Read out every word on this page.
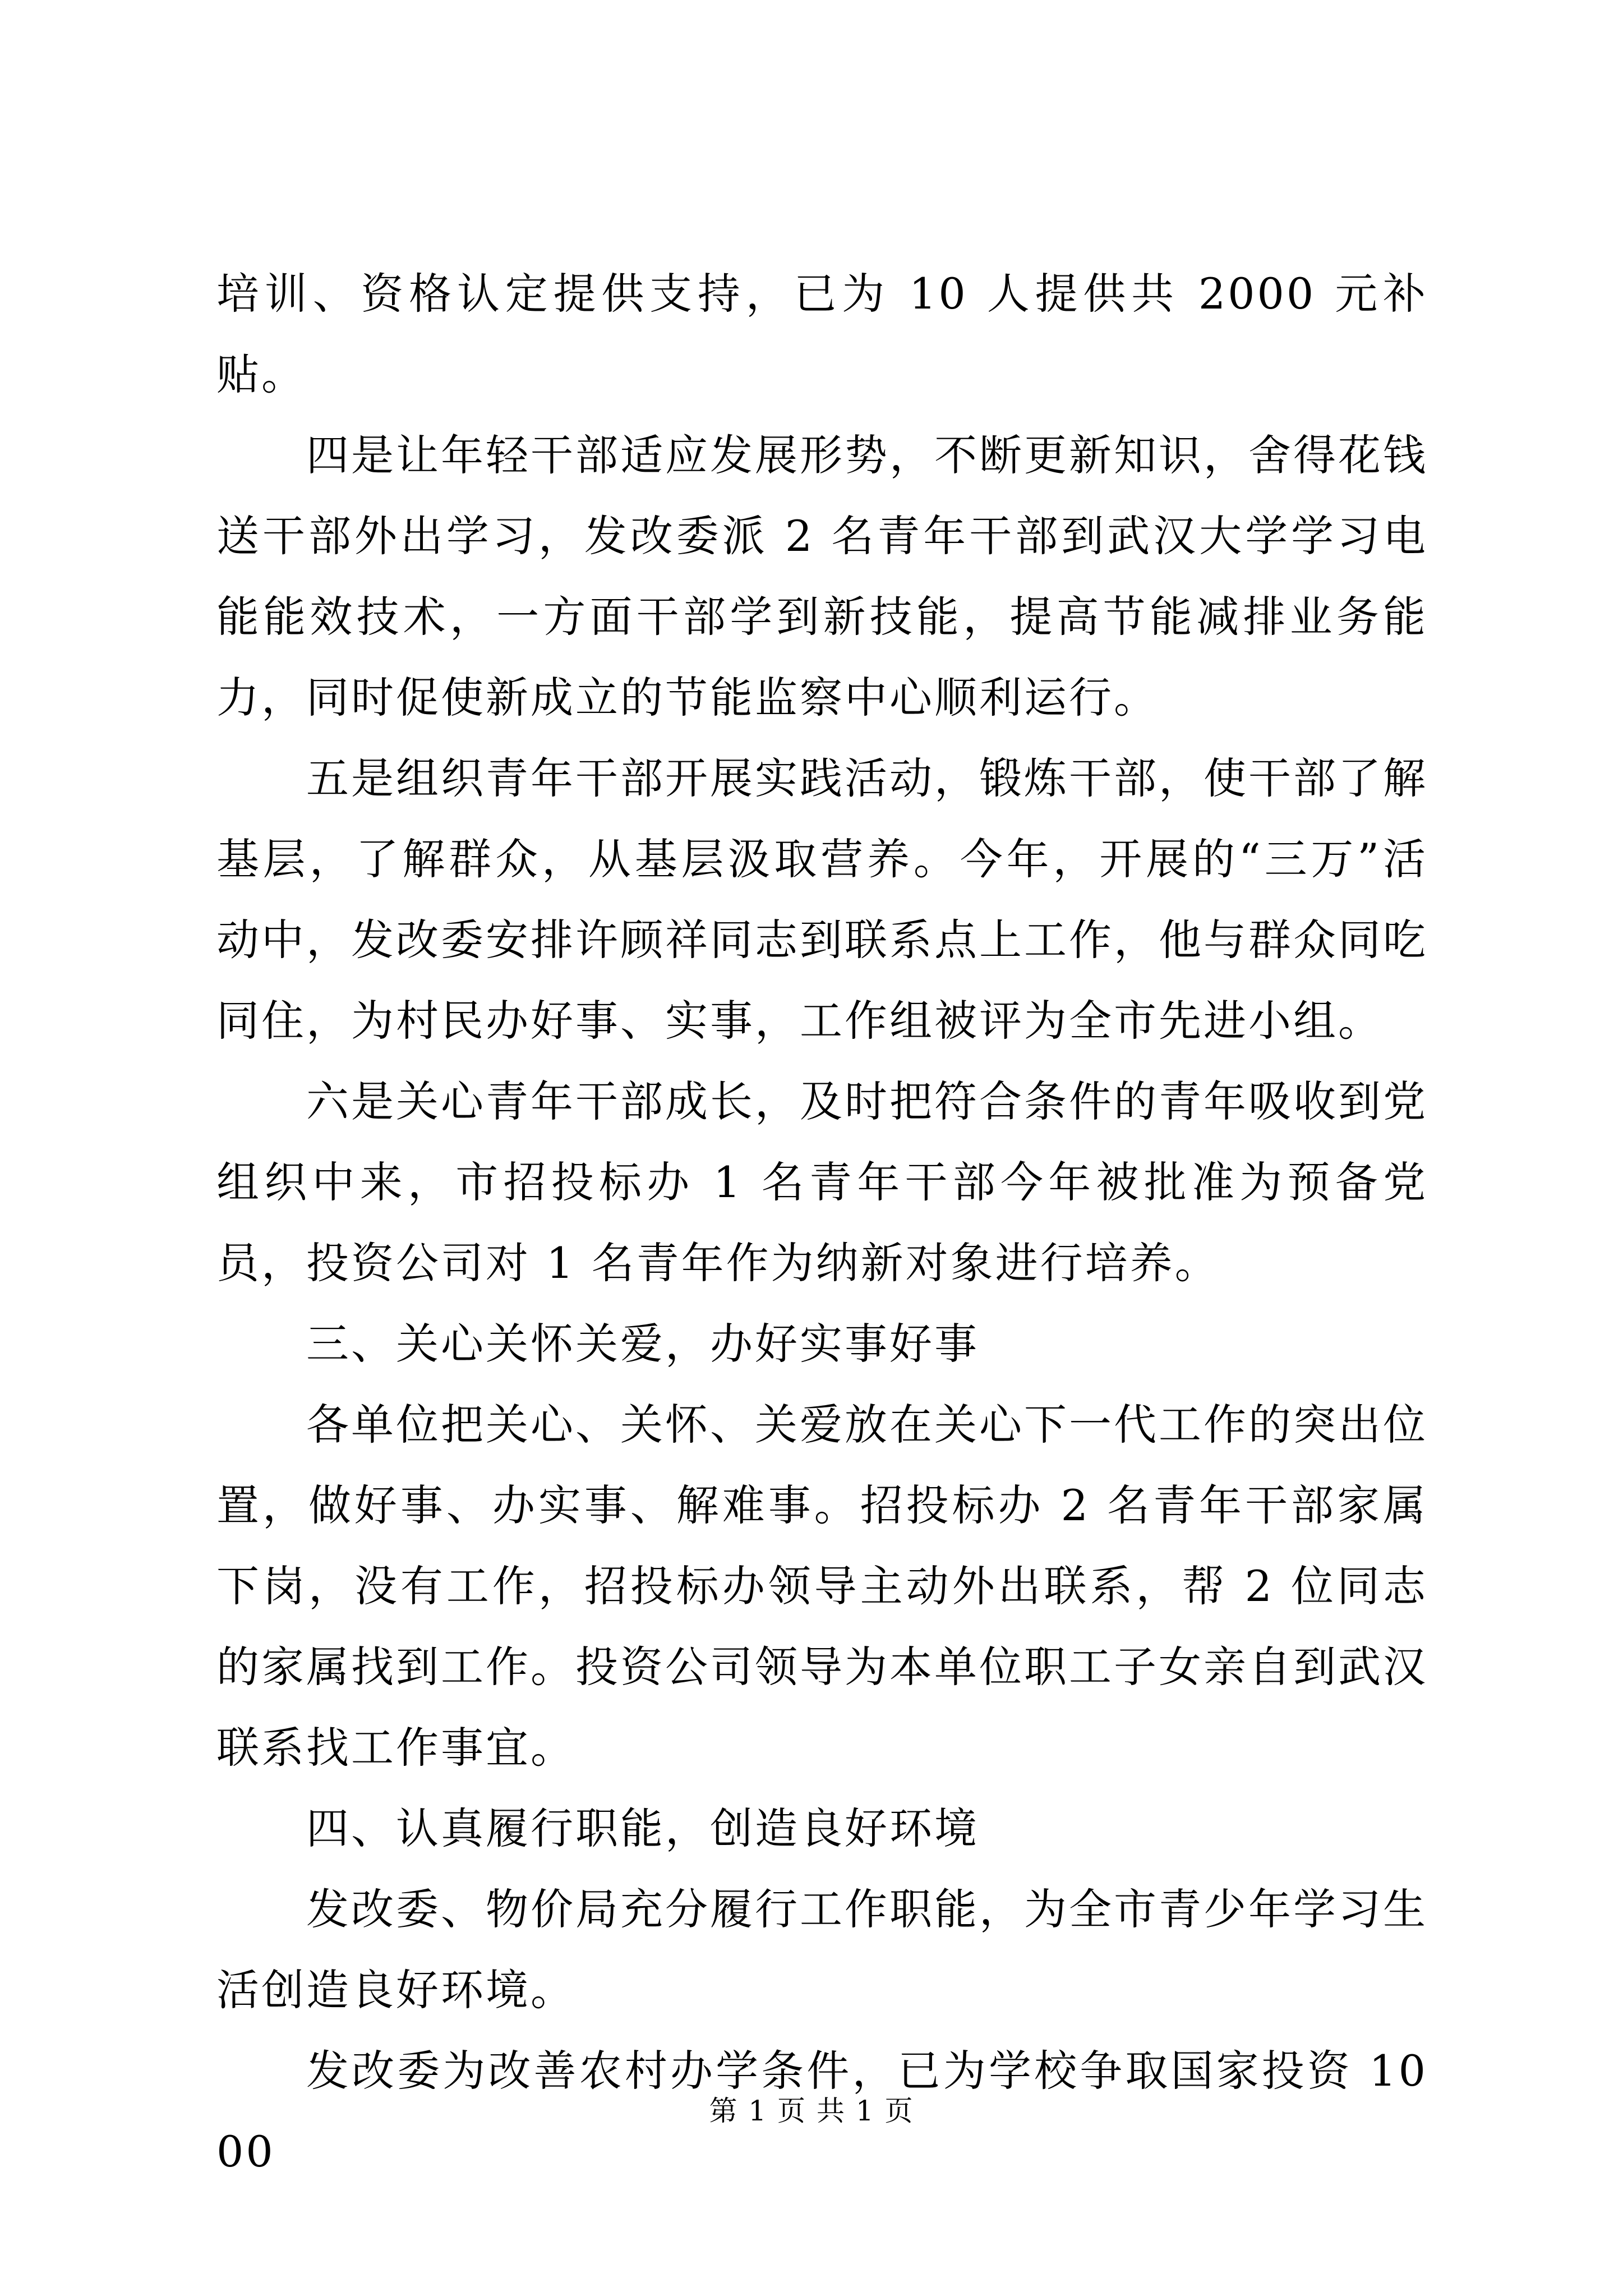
培训、资格认定提供支持，已为 10 人提供共 2000 元补贴。

四是让年轻干部适应发展形势，不断更新知识，舍得花钱送干部外出学习，发改委派 2 名青年干部到武汉大学学习电能能效技术，一方面干部学到新技能，提高节能减排业务能力，同时促使新成立的节能监察中心顺利运行。

五是组织青年干部开展实践活动，锻炼干部，使干部了解基层，了解群众，从基层汲取营养。今年，开展的“三万”活动中，发改委安排许顾祥同志到联系点上工作，他与群众同吃同住，为村民办好事、实事，工作组被评为全市先进小组。

六是关心青年干部成长，及时把符合条件的青年吸收到党组织中来，市招投标办 1 名青年干部今年被批准为预备党员，投资公司对 1 名青年作为纳新对象进行培养。

三、关心关怀关爱，办好实事好事

各单位把关心、关怀、关爱放在关心下一代工作的突出位置，做好事、办实事、解难事。招投标办 2 名青年干部家属下岗，没有工作，招投标办领导主动外出联系，帮 2 位同志的家属找到工作。投资公司领导为本单位职工子女亲自到武汉联系找工作事宜。

四、认真履行职能，创造良好环境

发改委、物价局充分履行工作职能，为全市青少年学习生活创造良好环境。

发改委为改善农村办学条件，已为学校争取国家投资 1000

第 1 页 共 1 页
